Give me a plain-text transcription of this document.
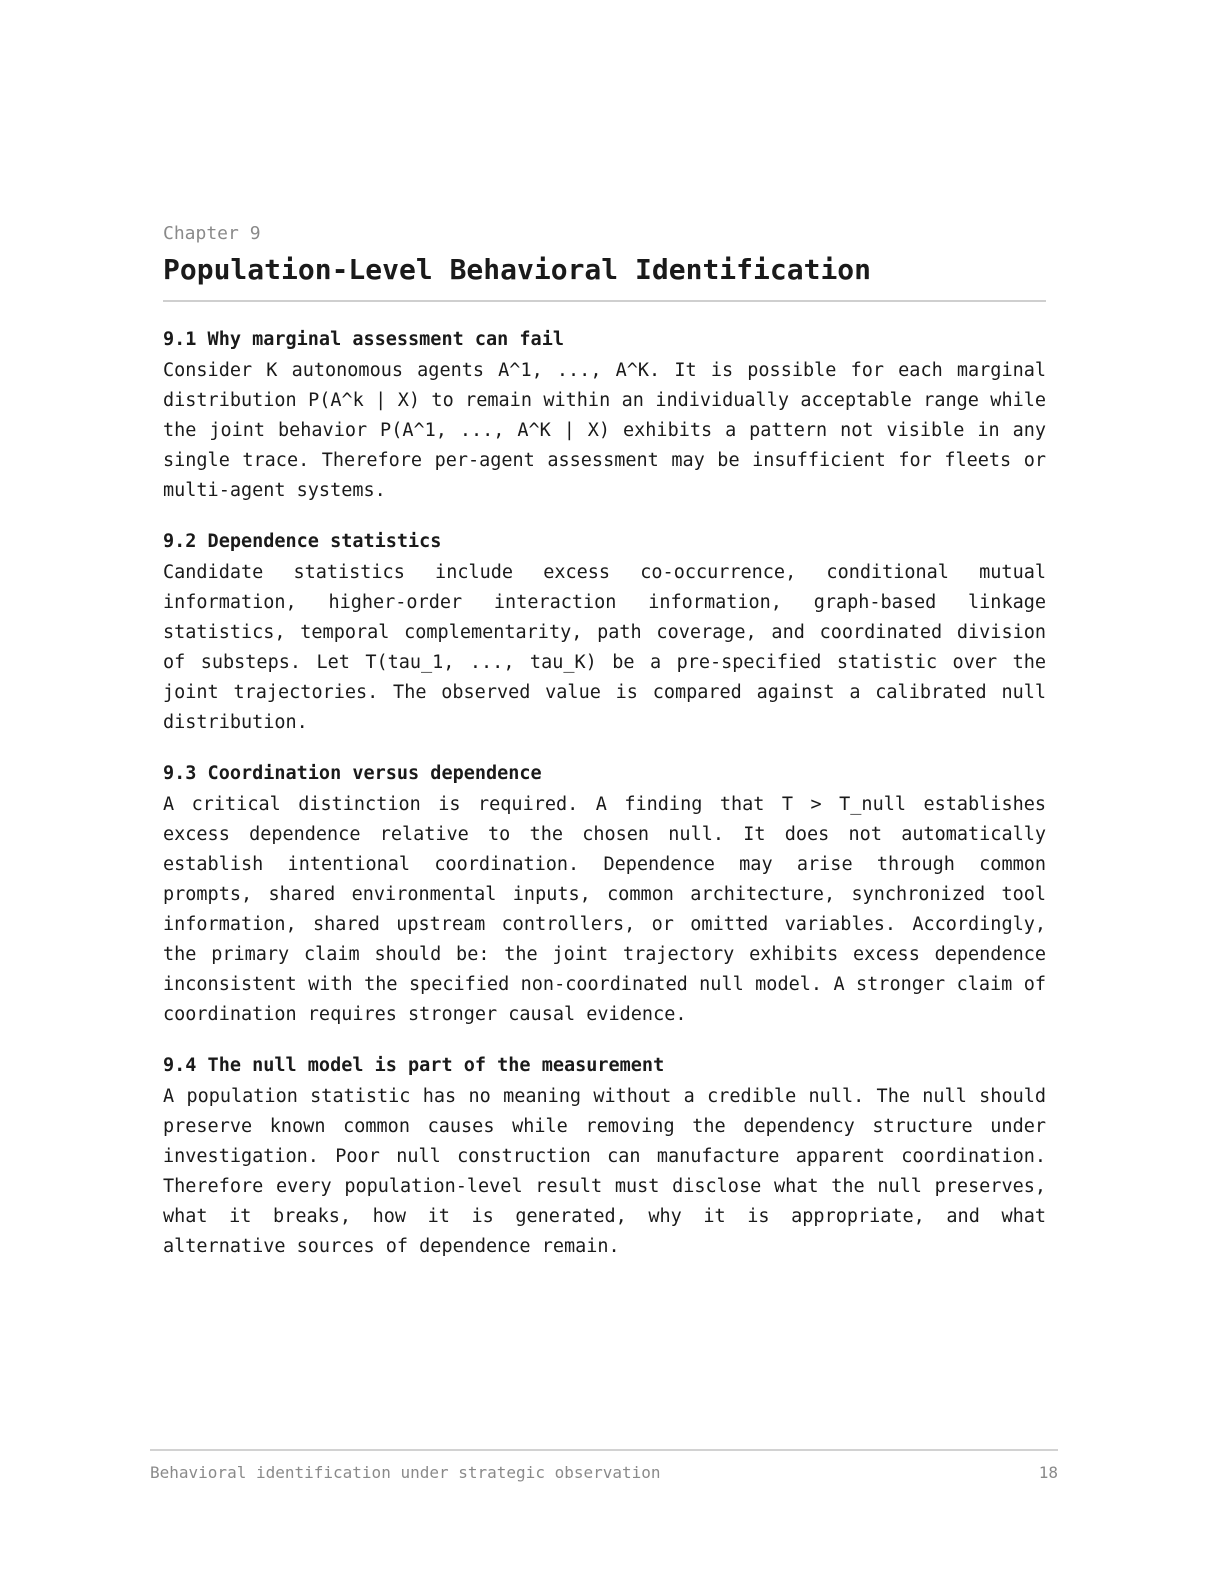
Chapter 9
Population-Level Behavioral Identification
9.1 Why marginal assessment can fail

Consider K autonomous agents A^1, ..., A^K. It is possible for each marginal distribution P(A^k | X) to remain within an individually acceptable range while the joint behavior P(A^1, ..., A^K | X) exhibits a pattern not visible in any single trace. Therefore per-agent assessment may be insufficient for fleets or multi-agent systems.

9.2 Dependence statistics

Candidate statistics include excess co-occurrence, conditional mutual information, higher-order interaction information, graph-based linkage statistics, temporal complementarity, path coverage, and coordinated division of substeps. Let T(tau_1, ..., tau_K) be a pre-specified statistic over the joint trajectories. The observed value is compared against a calibrated null distribution.

9.3 Coordination versus dependence

A critical distinction is required. A finding that T > T_null establishes excess dependence relative to the chosen null. It does not automatically establish intentional coordination. Dependence may arise through common prompts, shared environmental inputs, common architecture, synchronized tool information, shared upstream controllers, or omitted variables. Accordingly, the primary claim should be: the joint trajectory exhibits excess dependence inconsistent with the specified non-coordinated null model. A stronger claim of coordination requires stronger causal evidence.

9.4 The null model is part of the measurement

A population statistic has no meaning without a credible null. The null should preserve known common causes while removing the dependency structure under investigation. Poor null construction can manufacture apparent coordination. Therefore every population-level result must disclose what the null preserves, what it breaks, how it is generated, why it is appropriate, and what alternative sources of dependence remain.

Behavioral identification under strategic observation	18
